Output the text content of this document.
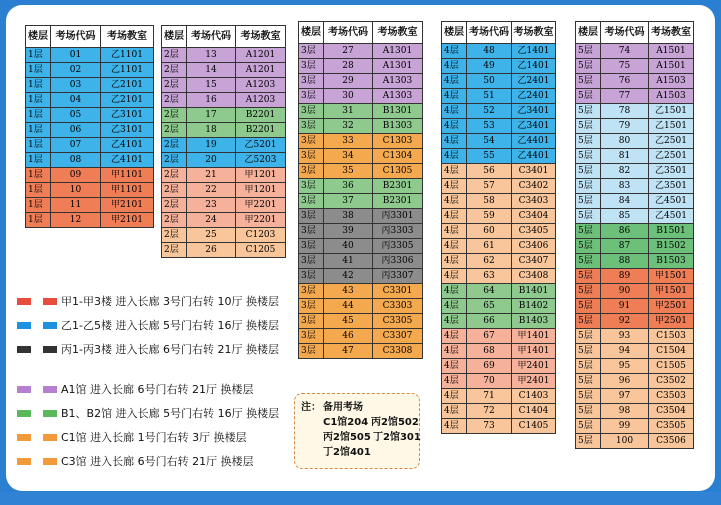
楼层	考场代码	考场教室
1层	01	乙1101
1层	02	乙1101
1层	03	乙2101
1层	04	乙2101
1层	05	乙3101
1层	06	乙3101
1层	07	乙4101
1层	08	乙4101
1层	09	甲1101
1层	10	甲1101
1层	11	甲2101
1层	12	甲2101
楼层	考场代码	考场教室
2层	13	A1201
2层	14	A1201
2层	15	A1203
2层	16	A1203
2层	17	B2201
2层	18	B2201
2层	19	乙5201
2层	20	乙5203
2层	21	甲1201
2层	22	甲1201
2层	23	甲2201
2层	24	甲2201
2层	25	C1203
2层	26	C1205
楼层	考场代码	考场教室
3层	27	A1301
3层	28	A1301
3层	29	A1303
3层	30	A1303
3层	31	B1301
3层	32	B1303
3层	33	C1303
3层	34	C1304
3层	35	C1305
3层	36	B2301
3层	37	B2301
3层	38	丙3301
3层	39	丙3303
3层	40	丙3305
3层	41	丙3306
3层	42	丙3307
3层	43	C3301
3层	44	C3303
3层	45	C3305
3层	46	C3307
3层	47	C3308
楼层	考场代码	考场教室
4层	48	乙1401
4层	49	乙1401
4层	50	乙2401
4层	51	乙2401
4层	52	乙3401
4层	53	乙3401
4层	54	乙4401
4层	55	乙4401
4层	56	C3401
4层	57	C3402
4层	58	C3403
4层	59	C3404
4层	60	C3405
4层	61	C3406
4层	62	C3407
4层	63	C3408
4层	64	B1401
4层	65	B1402
4层	66	B1403
4层	67	甲1401
4层	68	甲1401
4层	69	甲2401
4层	70	甲2401
4层	71	C1403
4层	72	C1404
4层	73	C1405
楼层	考场代码	考场教室
5层	74	A1501
5层	75	A1501
5层	76	A1503
5层	77	A1503
5层	78	乙1501
5层	79	乙1501
5层	80	乙2501
5层	81	乙2501
5层	82	乙3501
5层	83	乙3501
5层	84	乙4501
5层	85	乙4501
5层	86	B1501
5层	87	B1502
5层	88	B1503
5层	89	甲1501
5层	90	甲1501
5层	91	甲2501
5层	92	甲2501
5层	93	C1503
5层	94	C1504
5层	95	C1505
5层	96	C3502
5层	97	C3503
5层	98	C3504
5层	99	C3505
5层	100	C3506
甲1-甲3楼 进入长廊 3号门右转 10厅 换楼层
乙1-乙5楼 进入长廊 5号门右转 16厅 换楼层
丙1-丙3楼 进入长廊 6号门右转 21厅 换楼层
A1馆 进入长廊 6号门右转 21厅 换楼层
B1、B2馆 进入长廊 5号门右转 16厅 换楼层
C1馆 进入长廊 1号门右转 3厅 换楼层
C3馆 进入长廊 6号门右转 21厅 换楼层
注： 备用考场
C1馆204 丙2馆502
丙2馆505 丁2馆301
丁2馆401
